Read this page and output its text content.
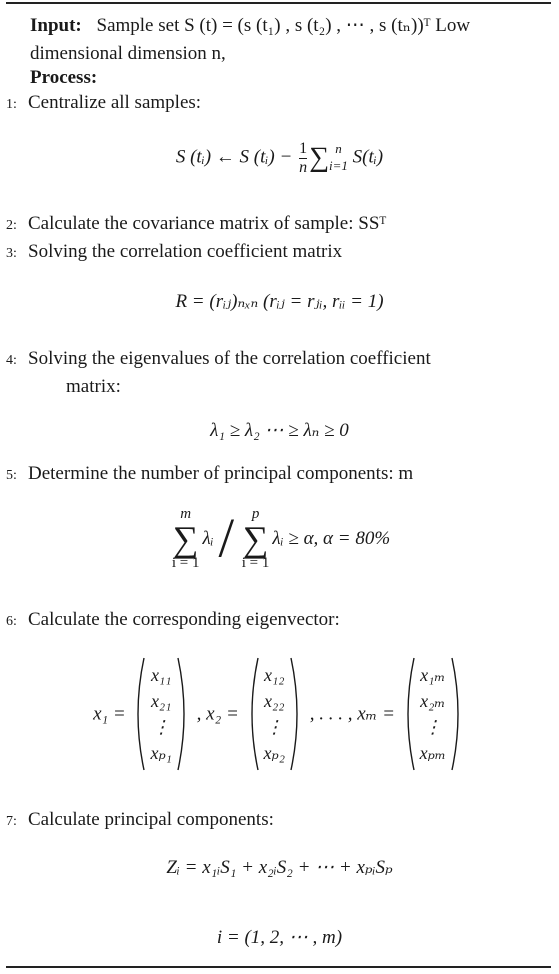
Input: Sample set S (t) = (s (t₁) , s (t₂) , ⋯ , s (tₙ))ᵀ Low
dimensional dimension n,
Process:
1: Centralize all samples:
S (tᵢ) ← S (tᵢ) − $\frac{1}{n}$ ∑ n
i=1 S(tᵢ)
2: Calculate the covariance matrix of sample: SSᵀ
3: Solving the correlation coefficient matrix
R = (rᵢⱼ)ₙₓₙ (rᵢⱼ = rⱼᵢ, rᵢᵢ = 1)
4: Solving the eigenvalues of the correlation coefficient
matrix:
λ₁ ≥ λ₂ ⋯ ≥ λₙ ≥ 0
5: Determine the number of principal components: m
m
∑
i = 1
λᵢ /	p
∑
i = 1
λᵢ ≥ α, α = 80%
6: Calculate the corresponding eigenvector:
x₁ =
x₁₁
x₂₁
⋮
xₚ₁
, x₂ =
x₁₂
x₂₂
⋮
xₚ₂
, . . . , xₘ =
x₁ₘ
x₂ₘ
⋮
xₚₘ
7: Calculate principal components:
Zᵢ = x₁ᵢS₁ + x₂ᵢS₂ + ⋯ + xₚᵢSₚ
i = (1, 2, ⋯ , m)
